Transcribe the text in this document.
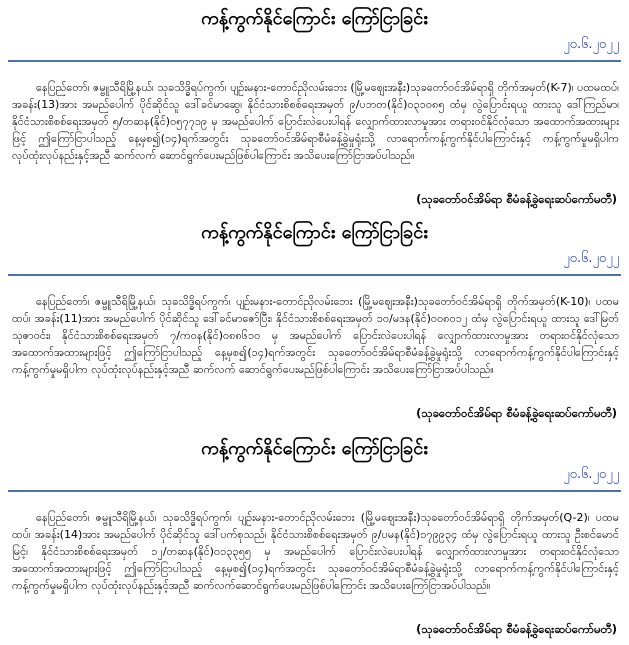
ကန့်ကွက်နိုင်ကြောင်း ကြော်ငြာခြင်း
၂၀.၆.၂၀၂၂

နေပြည်တော်၊ ဇမ္ဗူသီရိမြို့နယ်၊ သုခသိဒ္ဓိရပ်ကွက်၊ ပျဉ်းမနား-တောင်ညိုလမ်းဘေး (မြို့မဈေးအနီး)သုခတော်ဝင်အိမ်ရာရှိ တိုက်အမှတ်(K-7)၊ ပထမထပ်၊ အခန်း(13)အား အမည်ပေါက် ပိုင်ဆိုင်သူ ဒေါ်ခင်မာဆွေ၊ နိုင်ငံသားစိစစ်ရေးအမှတ် ၉/ပဘတ(နိုင်)၀၃၁၀၈၅ ထံမှ လွဲပြောင်းရယူ ထားသူ ဒေါ်ကြည်မာ၊ နိုင်ငံသားစိစစ်ရေးအမှတ် ၅/တဆန(နိုင်)၀၅၇၇၁၉ မှ အမည်ပေါက် ပြောင်းလဲပေးပါရန် လျှောက်ထားလာမှုအား တရားဝင်နိုင်လုံသော အထောက်အထားများဖြင့် ဤကြော်ငြာပါသည့် နေ့မှစ၍(၁၄)ရက်အတွင်း သုခတော်ဝင်အိမ်ရာစီမံခန့်ခွဲမှုရုံးသို့ လာရောက်ကန့်ကွက်နိုင်ပါကြောင်းနှင့် ကန့်ကွက်မှုမရှိပါက လုပ်ထုံးလုပ်နည်းနှင့်အညီ ဆက်လက် ဆောင်ရွက်ပေးမည်ဖြစ်ပါကြောင်း အသိပေးကြော်ငြာအပ်ပါသည်။

(သုခတော်ဝင်အိမ်ရာ စီမံခန့်ခွဲရေးဆပ်ကော်မတီ)
ကန့်ကွက်နိုင်ကြောင်း ကြော်ငြာခြင်း
၂၀.၆.၂၀၂၂

နေပြည်တော်၊ ဇမ္ဗူသီရိမြို့နယ်၊ သုခသိဒ္ဓိရပ်ကွက်၊ ပျဉ်းမနား-တောင်ညိုလမ်းဘေး (မြို့မဈေးအနီး)သုခတော်ဝင်အိမ်ရာရှိ တိုက်အမှတ်(K-10)၊ ပထမထပ်၊ အခန်း(11)အား အမည်ပေါက် ပိုင်ဆိုင်သူ ဒေါ်ခင်မာဇော်ပြီး၊ နိုင်ငံသားစိစစ်ရေးအမှတ် ၁၀/မဒန(နိုင်)၀၀၈၀၁၂ ထံမှ လွဲပြောင်းရယူ ထားသူ ဒေါ်မြတ်သုဇာဝင်း၊ နိုင်ငံသားစိစစ်ရေးအမှတ် ၇/ကဝန(နိုင်)၀၈၈၆၁၀ မှ အမည်ပေါက် ပြောင်းလဲပေးပါရန် လျှောက်ထားလာမှုအား တရားဝင်နိုင်လုံသော အထောက်အထားများဖြင့် ဤကြော်ငြာပါသည့် နေ့မှစ၍(၁၄)ရက်အတွင်း သုခတော်ဝင်အိမ်ရာစီမံခန့်ခွဲမှုရုံးသို့ လာရောက်ကန့်ကွက်နိုင်ပါကြောင်းနှင့် ကန့်ကွက်မှုမရှိပါက လုပ်ထုံးလုပ်နည်းနှင့်အညီ ဆက်လက် ဆောင်ရွက်ပေးမည်ဖြစ်ပါကြောင်း အသိပေးကြော်ငြာအပ်ပါသည်။

(သုခတော်ဝင်အိမ်ရာ စီမံခန့်ခွဲရေးဆပ်ကော်မတီ)
ကန့်ကွက်နိုင်ကြောင်း ကြော်ငြာခြင်း
၂၀.၆.၂၀၂၂

နေပြည်တော်၊ ဇမ္ဗူသီရိမြို့နယ်၊ သုခသိဒ္ဓိရပ်ကွက်၊ ပျဉ်းမနား-တောင်ညိုလမ်းဘေး (မြို့မဈေးအနီး)သုခတော်ဝင်အိမ်ရာရှိ တိုက်အမှတ်(Q-2)၊ ပထမထပ်၊ အခန်း(14)အား အမည်ပေါက် ပိုင်ဆိုင်သူ ဒေါ်ပက်စုသည်၊ နိုင်ငံသားစိစစ်ရေးအမှတ် ၉/ပမန(နိုင်)၁၇၉၉၃၄ ထံမှ လွဲပြောင်းရယူ ထားသူ ဦးစင်မောင်မြင့်၊ နိုင်ငံသားစိစစ်ရေးအမှတ် ၁၂/တဆန(နိုင်)၀၁၃၃၅၅ မှ အမည်ပေါက် ပြောင်းလဲပေးပါရန် လျှောက်ထားလာမှုအား တရားဝင်နိုင်လုံသော အထောက်အထားများဖြင့် ဤကြော်ငြာပါသည့် နေ့မှစ၍(၁၄)ရက်အတွင်း သုခတော်ဝင်အိမ်ရာစီမံခန့်ခွဲမှုရုံးသို့ လာရောက်ကန့်ကွက်နိုင်ပါကြောင်းနှင့် ကန့်ကွက်မှုမရှိပါက လုပ်ထုံးလုပ်နည်းနှင့်အညီ ဆက်လက်ဆောင်ရွက်ပေးမည်ဖြစ်ပါကြောင်း အသိပေးကြော်ငြာအပ်ပါသည်။

(သုခတော်ဝင်အိမ်ရာ စီမံခန့်ခွဲရေးဆပ်ကော်မတီ)
